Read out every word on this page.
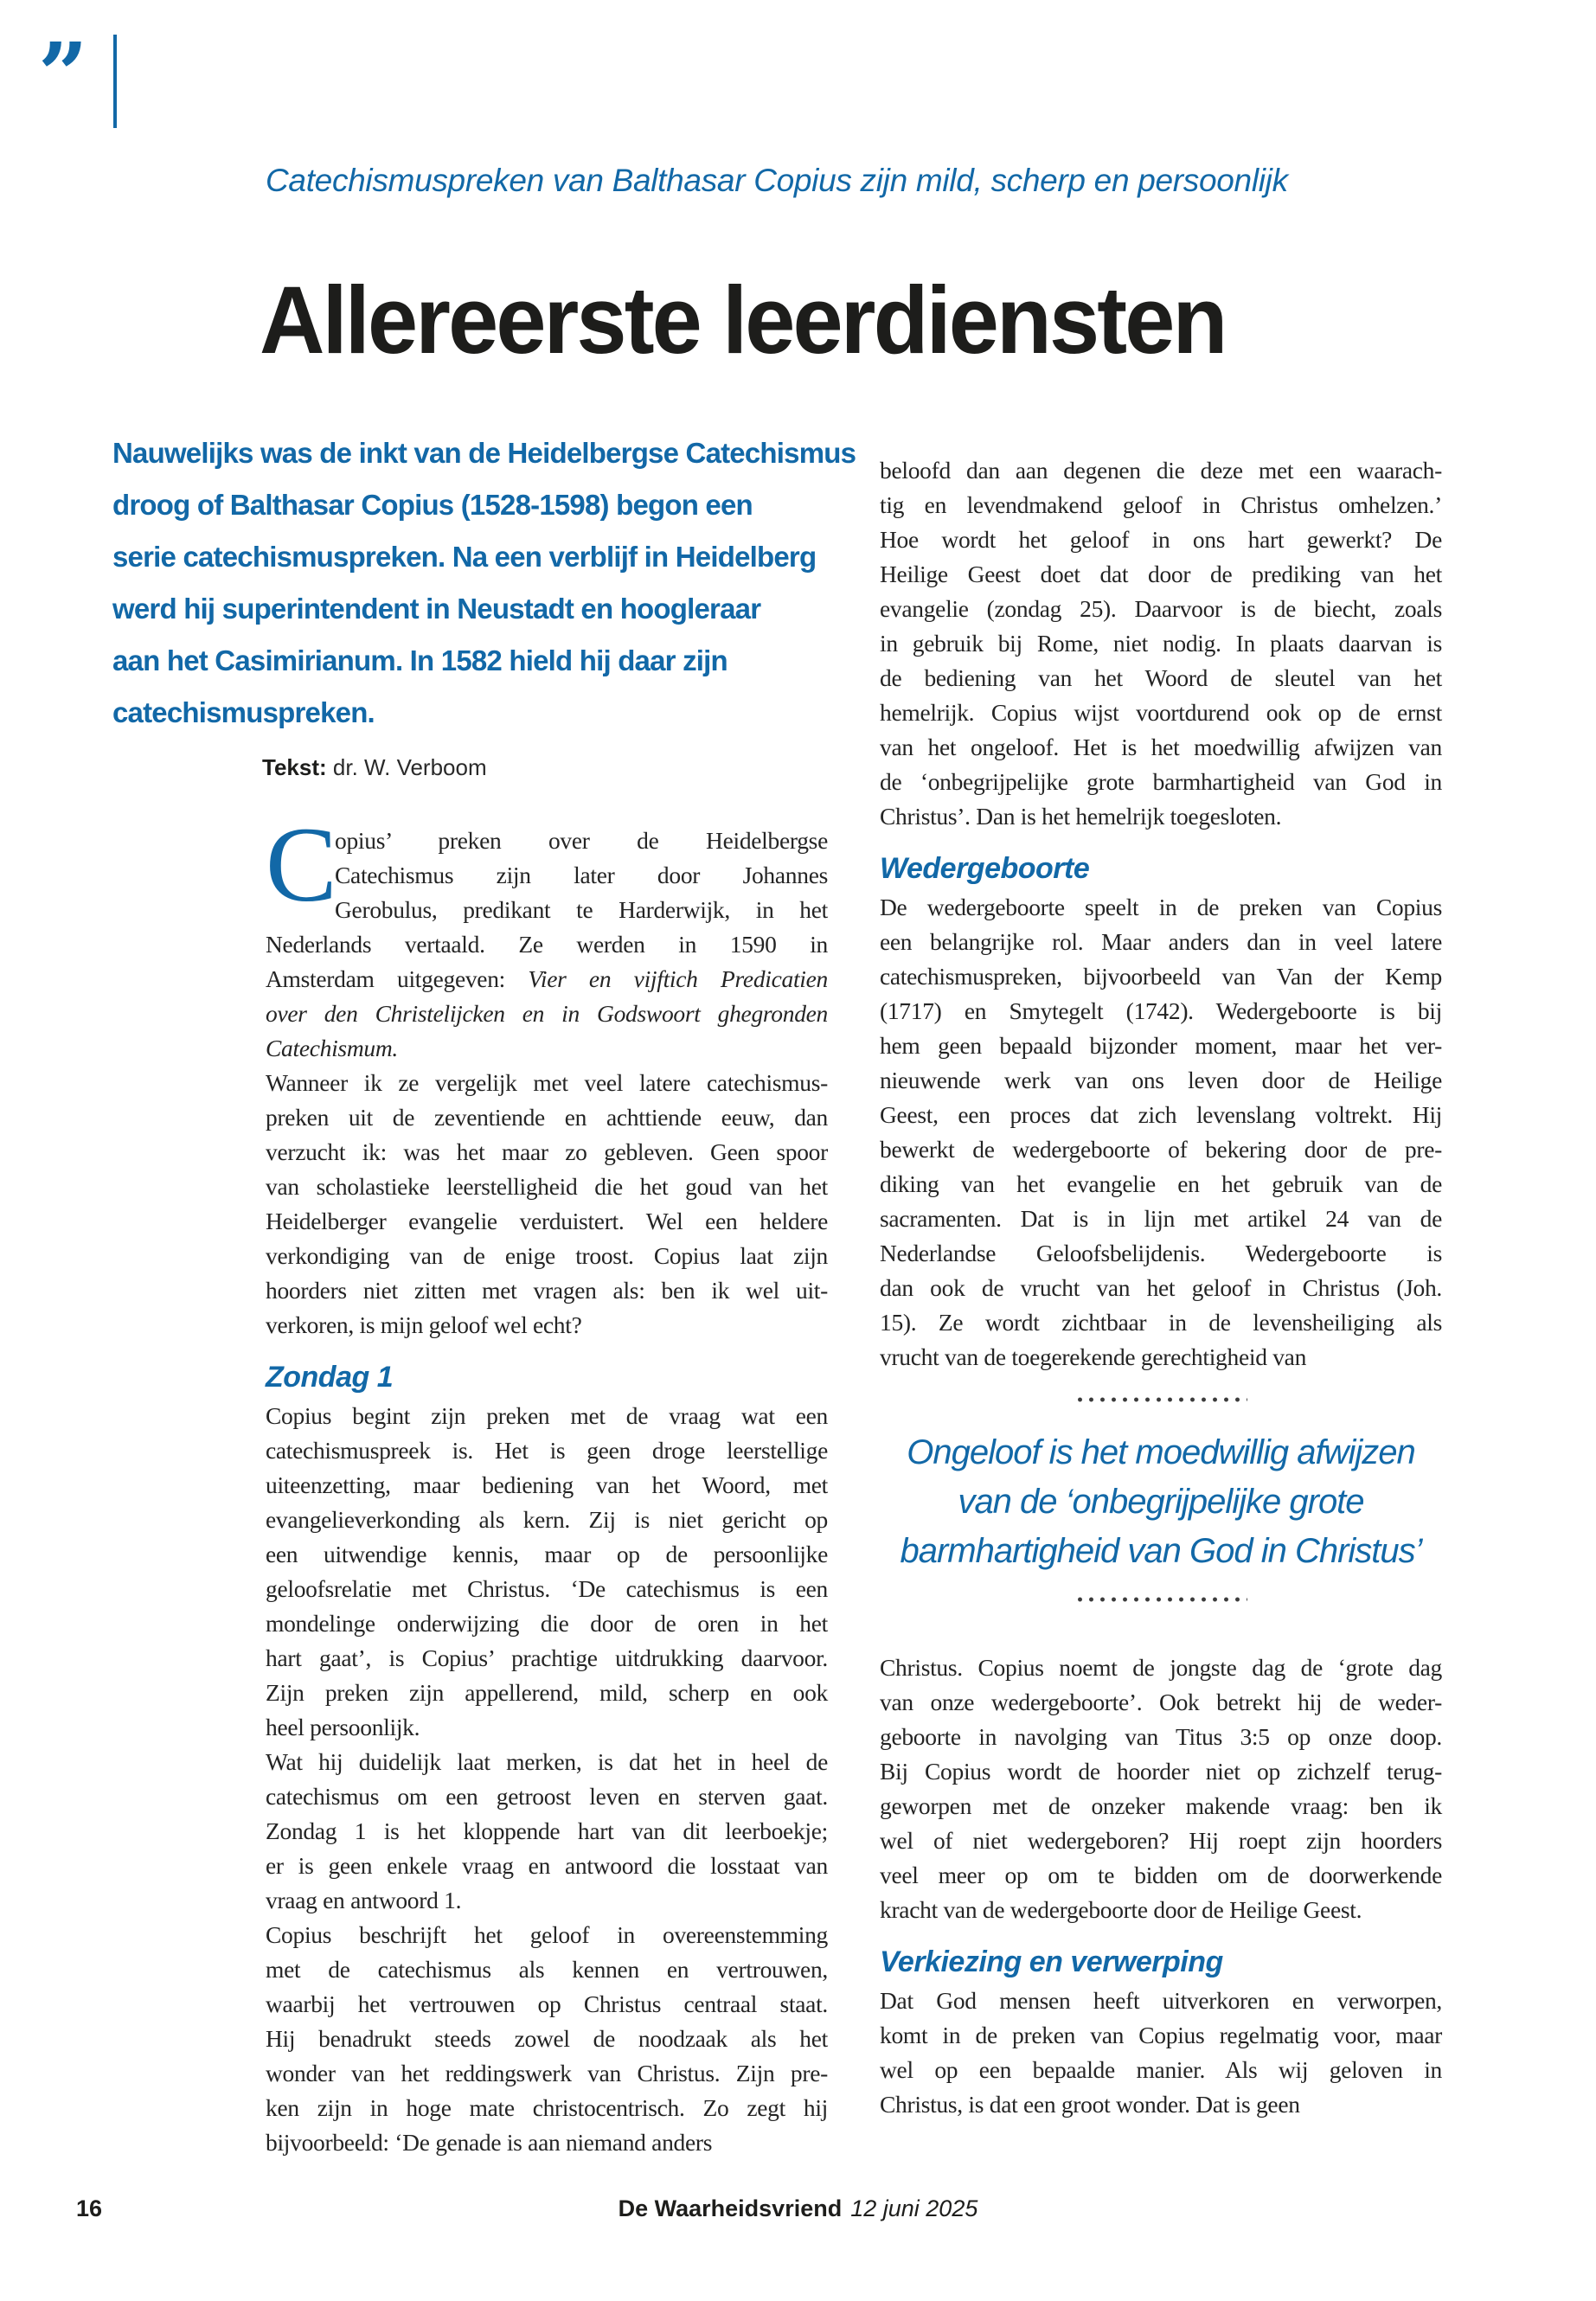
”
Catechismuspreken van Balthasar Copius zijn mild, scherp en persoonlijk
Allereerste leerdiensten
Nauwelijks was de inkt van de Heidelbergse Catechismus
droog of Balthasar Copius (1528-1598) begon een
serie catechismuspreken. Na een verblijf in Heidelberg
werd hij superintendent in Neustadt en hoogleraar
aan het Casimirianum. In 1582 hield hij daar zijn
catechismuspreken.
Tekst: dr. W. Verboom
C
opius’ preken over de Heidelbergse
Catechismus zijn later door Johannes
Gerobulus, predikant te Harderwijk, in het
Nederlands vertaald. Ze werden in 1590 in
Amsterdam uitgegeven: Vier en vijftich Predicatien
over den Christelijcken en in Godswoort ghegronden
Catechismum.
Wanneer ik ze vergelijk met veel latere catechismus-
preken uit de zeventiende en achttiende eeuw, dan
verzucht ik: was het maar zo gebleven. Geen spoor
van scholastieke leerstelligheid die het goud van het
Heidelberger evangelie verduistert. Wel een heldere
verkondiging van de enige troost. Copius laat zijn
hoorders niet zitten met vragen als: ben ik wel uit-
verkoren, is mijn geloof wel echt?
Zondag 1
Copius begint zijn preken met de vraag wat een
catechismuspreek is. Het is geen droge leerstellige
uiteenzetting, maar bediening van het Woord, met
evangelieverkonding als kern. Zij is niet gericht op
een uitwendige kennis, maar op de persoonlijke
geloofsrelatie met Christus. ‘De catechismus is een
mondelinge onderwijzing die door de oren in het
hart gaat’, is Copius’ prachtige uitdrukking daarvoor.
Zijn preken zijn appellerend, mild, scherp en ook
heel persoonlijk.
Wat hij duidelijk laat merken, is dat het in heel de
catechismus om een getroost leven en sterven gaat.
Zondag 1 is het kloppende hart van dit leerboekje;
er is geen enkele vraag en antwoord die losstaat van
vraag en antwoord 1.
Copius beschrijft het geloof in overeenstemming
met de catechismus als kennen en vertrouwen,
waarbij het vertrouwen op Christus centraal staat.
Hij benadrukt steeds zowel de noodzaak als het
wonder van het reddingswerk van Christus. Zijn pre-
ken zijn in hoge mate christocentrisch. Zo zegt hij
bijvoorbeeld: ‘De genade is aan niemand anders
beloofd dan aan degenen die deze met een waarach-
tig en levendmakend geloof in Christus omhelzen.’
Hoe wordt het geloof in ons hart gewerkt? De
Heilige Geest doet dat door de prediking van het
evangelie (zondag 25). Daarvoor is de biecht, zoals
in gebruik bij Rome, niet nodig. In plaats daarvan is
de bediening van het Woord de sleutel van het
hemelrijk. Copius wijst voortdurend ook op de ernst
van het ongeloof. Het is het moedwillig afwijzen van
de ‘onbegrijpelijke grote barmhartigheid van God in
Christus’. Dan is het hemelrijk toegesloten.
Wedergeboorte
De wedergeboorte speelt in de preken van Copius
een belangrijke rol. Maar anders dan in veel latere
catechismuspreken, bijvoorbeeld van Van der Kemp
(1717) en Smytegelt (1742). Wedergeboorte is bij
hem geen bepaald bijzonder moment, maar het ver-
nieuwende werk van ons leven door de Heilige
Geest, een proces dat zich levenslang voltrekt. Hij
bewerkt de wedergeboorte of bekering door de pre-
diking van het evangelie en het gebruik van de
sacramenten. Dat is in lijn met artikel 24 van de
Nederlandse Geloofsbelijdenis. Wedergeboorte is
dan ook de vrucht van het geloof in Christus (Joh.
15). Ze wordt zichtbaar in de levensheiliging als
vrucht van de toegerekende gerechtigheid van
Ongeloof is het moedwillig afwijzen
van de ‘onbegrijpelijke grote
barmhartigheid van God in Christus’
Christus. Copius noemt de jongste dag de ‘grote dag
van onze wedergeboorte’. Ook betrekt hij de weder-
geboorte in navolging van Titus 3:5 op onze doop.
Bij Copius wordt de hoorder niet op zichzelf terug-
geworpen met de onzeker makende vraag: ben ik
wel of niet wedergeboren? Hij roept zijn hoorders
veel meer op om te bidden om de doorwerkende
kracht van de wedergeboorte door de Heilige Geest.
Verkiezing en verwerping
Dat God mensen heeft uitverkoren en verworpen,
komt in de preken van Copius regelmatig voor, maar
wel op een bepaalde manier. Als wij geloven in
Christus, is dat een groot wonder. Dat is geen
16	De Waarheidsvriend 12 juni 2025
